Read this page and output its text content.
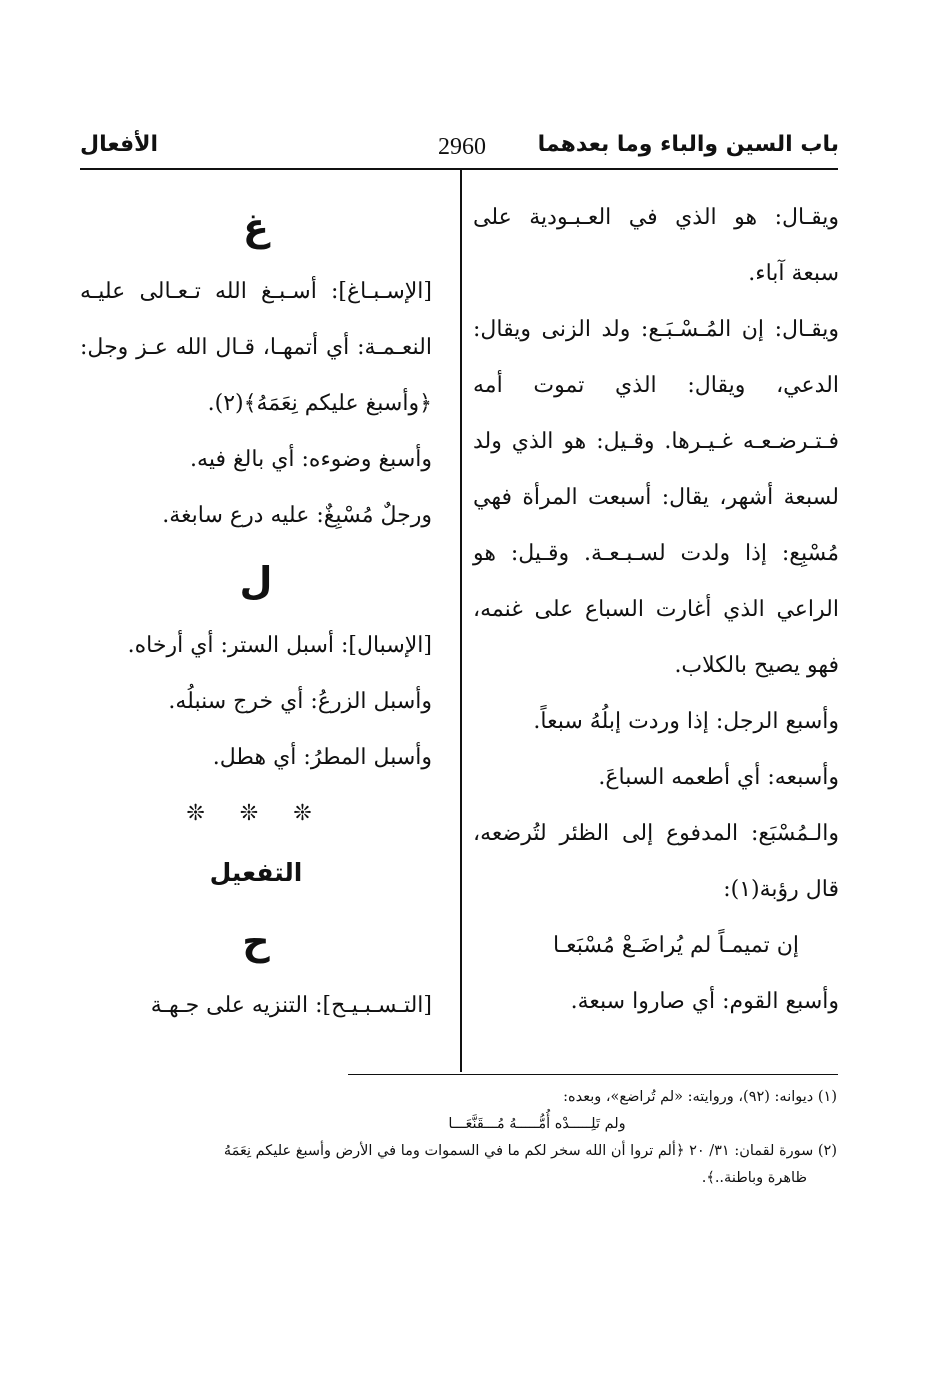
باب السين والباء وما بعدهما
2960
الأفعال

ويقـال: هو الذي في العـبـودية على سبعة آباء.

ويقـال: إن المُـسْـبَـع: ولد الزنى ويقال: الدعي، ويقال: الذي تموت أمه فـتـرضـعـه غـيـرها. وقـيل: هو الذي ولد لسبعة أشهر، يقال: أسبعت المرأة فهي مُسْبِع: إذا ولدت لسـبـعـة. وقـيل: هو الراعي الذي أغارت السباع على غنمه، فهو يصيح بالكلاب.

وأسبع الرجل: إذا وردت إبلُهُ سبعاً.

وأسبعه: أي أطعمه السباعَ.

والـمُسْبَع: المدفوع إلى الظئر لتُرضعه، قال رؤبة(١):

إن تميمـاً لم يُراضَـعْ مُسْبَعـا

وأسبع القوم: أي صاروا سبعة.

غ

[الإسـبـاغ]: أسـبـغ الله تـعـالى عليـه النعـمـة: أي أتمهـا، قـال الله عـز وجل: ﴿وأسبغ عليكم نِعَمَهُ﴾(٢).

وأسبغ وضوءه: أي بالغ فيه.

ورجلٌ مُسْبِغٌ: عليه درع سابغة.

ل

[الإسبال]: أسبل الستر: أي أرخاه.

وأسبل الزرعُ: أي خرج سنبلُه.

وأسبل المطرُ: أي هطل.

❊ ❊ ❊

التفعيل

ح

[التـسـبـيـح]: التنزيه على جـهـة

(١) ديوانه: (٩٢)، وروايته: «لم تُراضع»، وبعده:

ولم تَلِـــــدْه أُمُّـــــهُ مُـــقَنَّعَـــا

(٢) سورة لقمان: ٣١/ ٢٠ ﴿ألم تروا أن الله سخر لكم ما في السموات وما في الأرض وأسبغ عليكم نِعَمَهُ

ظاهرة وباطنة..﴾.
